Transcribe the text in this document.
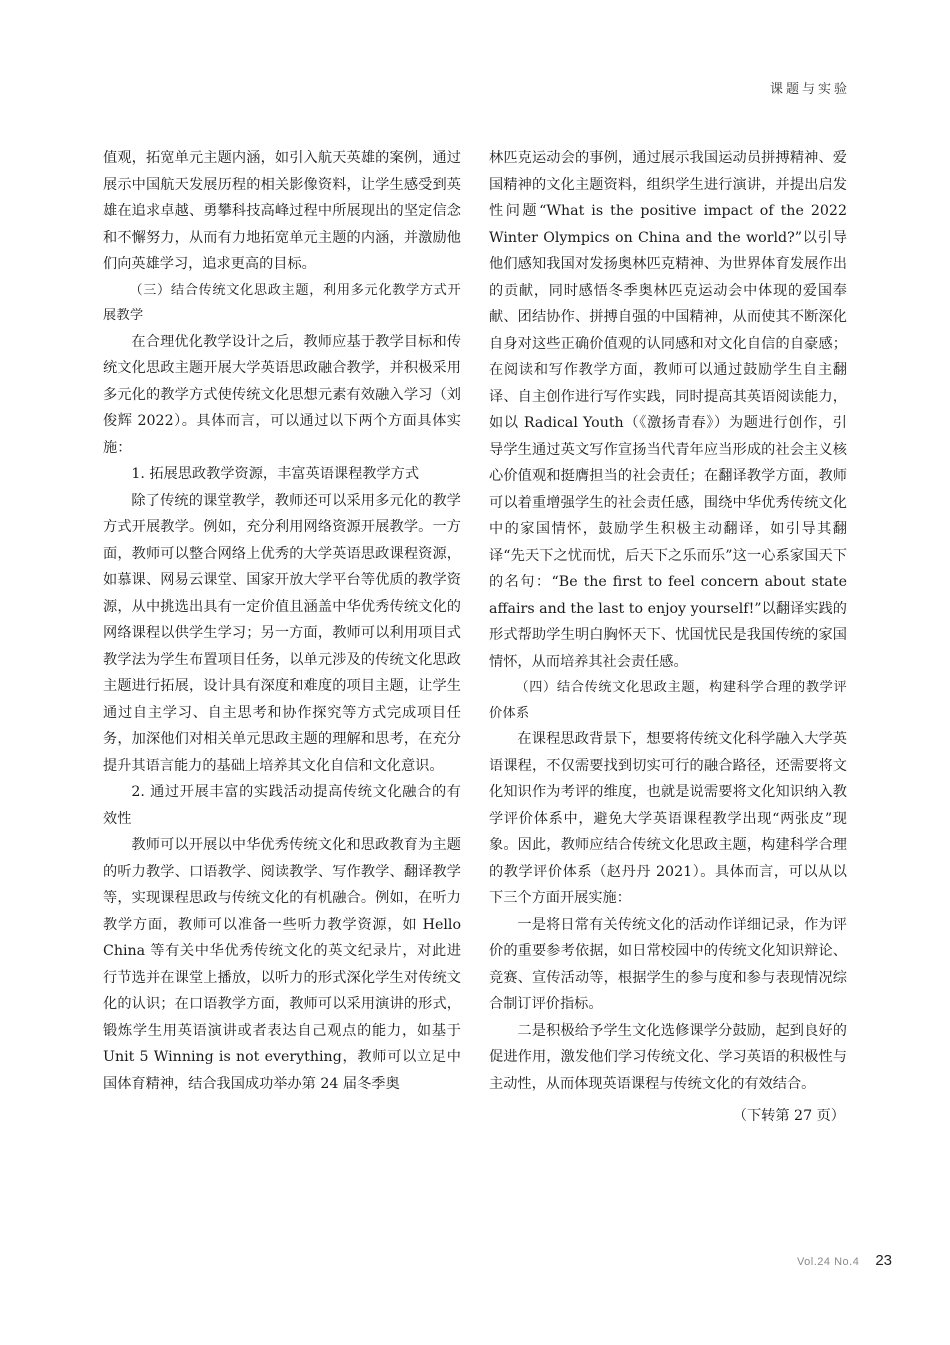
课题与实验

值观，拓宽单元主题内涵，如引入航天英雄的案例，通过展示中国航天发展历程的相关影像资料，让学生感受到英雄在追求卓越、勇攀科技高峰过程中所展现出的坚定信念和不懈努力，从而有力地拓宽单元主题的内涵，并激励他们向英雄学习，追求更高的目标。

（三）结合传统文化思政主题，利用多元化教学方式开展教学

在合理优化教学设计之后，教师应基于教学目标和传统文化思政主题开展大学英语思政融合教学，并积极采用多元化的教学方式使传统文化思想元素有效融入学习（刘俊辉 2022）。具体而言，可以通过以下两个方面具体实施：

1. 拓展思政教学资源，丰富英语课程教学方式

除了传统的课堂教学，教师还可以采用多元化的教学方式开展教学。例如，充分利用网络资源开展教学。一方面，教师可以整合网络上优秀的大学英语思政课程资源，如慕课、网易云课堂、国家开放大学平台等优质的教学资源，从中挑选出具有一定价值且涵盖中华优秀传统文化的网络课程以供学生学习；另一方面，教师可以利用项目式教学法为学生布置项目任务，以单元涉及的传统文化思政主题进行拓展，设计具有深度和难度的项目主题，让学生通过自主学习、自主思考和协作探究等方式完成项目任务，加深他们对相关单元思政主题的理解和思考，在充分提升其语言能力的基础上培养其文化自信和文化意识。

2. 通过开展丰富的实践活动提高传统文化融合的有效性

教师可以开展以中华优秀传统文化和思政教育为主题的听力教学、口语教学、阅读教学、写作教学、翻译教学等，实现课程思政与传统文化的有机融合。例如，在听力教学方面，教师可以准备一些听力教学资源，如 Hello China 等有关中华优秀传统文化的英文纪录片，对此进行节选并在课堂上播放，以听力的形式深化学生对传统文化的认识；在口语教学方面，教师可以采用演讲的形式，锻炼学生用英语演讲或者表达自己观点的能力，如基于 Unit 5 Winning is not everything，教师可以立足中国体育精神，结合我国成功举办第 24 届冬季奥

林匹克运动会的事例，通过展示我国运动员拼搏精神、爱国精神的文化主题资料，组织学生进行演讲，并提出启发性问题“What is the positive impact of the 2022 Winter Olympics on China and the world?”以引导他们感知我国对发扬奥林匹克精神、为世界体育发展作出的贡献，同时感悟冬季奥林匹克运动会中体现的爱国奉献、团结协作、拼搏自强的中国精神，从而使其不断深化自身对这些正确价值观的认同感和对文化自信的自豪感；在阅读和写作教学方面，教师可以通过鼓励学生自主翻译、自主创作进行写作实践，同时提高其英语阅读能力，如以 Radical Youth（《激扬青春》）为题进行创作，引导学生通过英文写作宣扬当代青年应当形成的社会主义核心价值观和挺膺担当的社会责任；在翻译教学方面，教师可以着重增强学生的社会责任感，围绕中华优秀传统文化中的家国情怀，鼓励学生积极主动翻译，如引导其翻译“先天下之忧而忧，后天下之乐而乐”这一心系家国天下的名句：“Be the first to feel concern about state affairs and the last to enjoy yourself!”以翻译实践的形式帮助学生明白胸怀天下、忧国忧民是我国传统的家国情怀，从而培养其社会责任感。

（四）结合传统文化思政主题，构建科学合理的教学评价体系

在课程思政背景下，想要将传统文化科学融入大学英语课程，不仅需要找到切实可行的融合路径，还需要将文化知识作为考评的维度，也就是说需要将文化知识纳入教学评价体系中，避免大学英语课程教学出现“两张皮”现象。因此，教师应结合传统文化思政主题，构建科学合理的教学评价体系（赵丹丹 2021）。具体而言，可以从以下三个方面开展实施：

一是将日常有关传统文化的活动作详细记录，作为评价的重要参考依据，如日常校园中的传统文化知识辩论、竞赛、宣传活动等，根据学生的参与度和参与表现情况综合制订评价指标。

二是积极给予学生文化选修课学分鼓励，起到良好的促进作用，激发他们学习传统文化、学习英语的积极性与主动性，从而体现英语课程与传统文化的有效结合。

（下转第 27 页）

Vol.24 No.4 23
